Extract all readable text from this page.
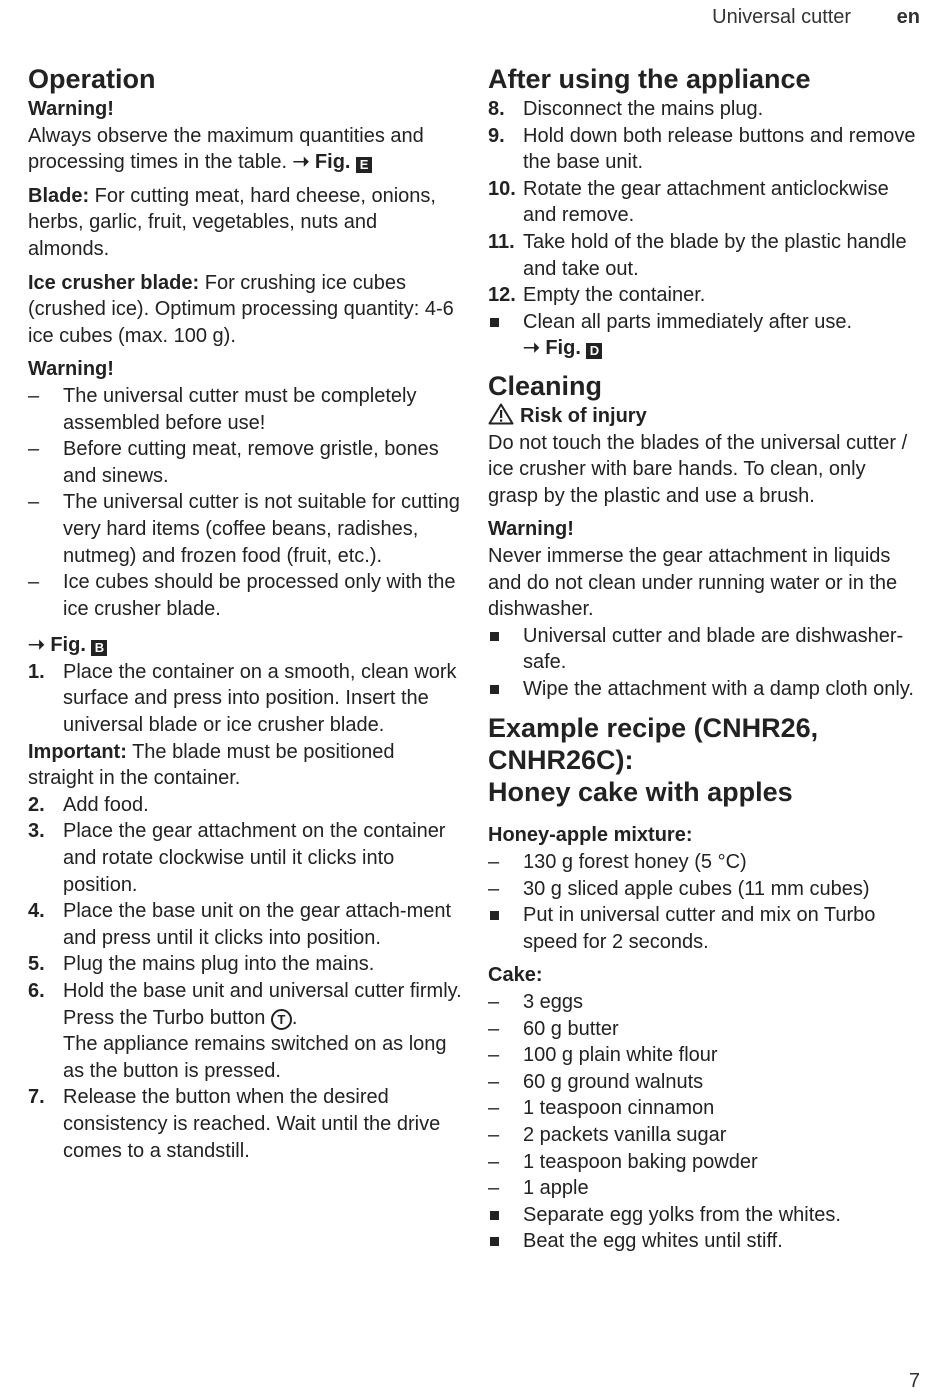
Universal cutter en
Operation

Warning!

Always observe the maximum quantities and processing times in the table. ➝ Fig. E

Blade: For cutting meat, hard cheese, onions, herbs, garlic, fruit, vegetables, nuts and almonds.

Ice crusher blade: For crushing ice cubes (crushed ice). Optimum processing quantity: 4-6 ice cubes (max. 100 g).

Warning!

– The universal cutter must be completely assembled before use!
– Before cutting meat, remove gristle, bones and sinews.
– The universal cutter is not suitable for cutting very hard items (coffee beans, radishes, nutmeg) and frozen food (fruit, etc.).
– Ice cubes should be processed only with the ice crusher blade.

➝ Fig. B

1. Place the container on a smooth, clean work surface and press into position. Insert the universal blade or ice crusher blade.

Important: The blade must be positioned straight in the container.

2. Add food.
3. Place the gear attachment on the container and rotate clockwise until it clicks into position.
4. Place the base unit on the gear attach-ment and press until it clicks into position.
5. Plug the mains plug into the mains.
6. Hold the base unit and universal cutter firmly. Press the Turbo button T .
The appliance remains switched on as long as the button is pressed.
7. Release the button when the desired consistency is reached. Wait until the drive comes to a standstill.
After using the appliance
8. Disconnect the mains plug.
9. Hold down both release buttons and remove the base unit.
10. Rotate the gear attachment anticlockwise and remove.
11. Take hold of the blade by the plastic handle and take out.
12. Empty the container.
Clean all parts immediately after use.
➝ Fig. D
Cleaning

Risk of injury

Do not touch the blades of the universal cutter / ice crusher with bare hands. To clean, only grasp by the plastic and use a brush.

Warning!

Never immerse the gear attachment in liquids and do not clean under running water or in the dishwasher.

Universal cutter and blade are dishwasher-safe.
Wipe the attachment with a damp cloth only.
Example recipe (CNHR26, CNHR26C):
Honey cake with apples

Honey-apple mixture:

– 130 g forest honey (5 °C)
– 30 g sliced apple cubes (11 mm cubes)
Put in universal cutter and mix on Turbo speed for 2 seconds.

Cake:

– 3 eggs
– 60 g butter
– 100 g plain white flour
– 60 g ground walnuts
– 1 teaspoon cinnamon
– 2 packets vanilla sugar
– 1 teaspoon baking powder
– 1 apple
Separate egg yolks from the whites.
Beat the egg whites until stiff.
7
